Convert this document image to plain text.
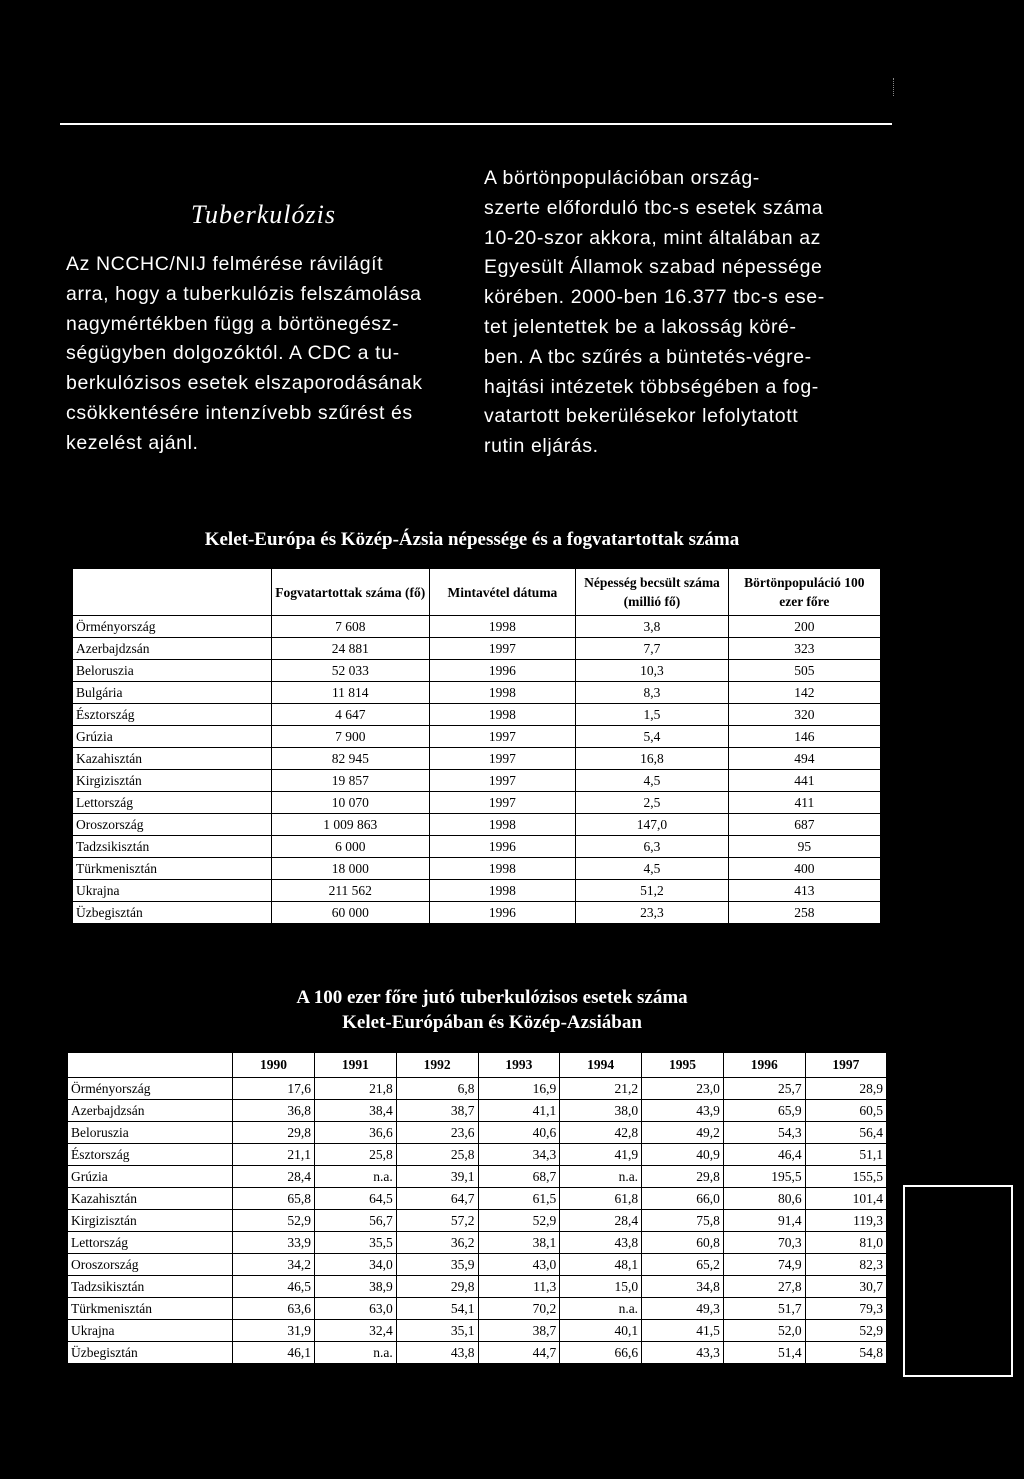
Tuberkulózis

Az NCCHC/NIJ felmérése rávilágít
arra, hogy a tuberkulózis felszámolása
nagymértékben függ a börtönegész-
ségügyben dolgozóktól. A CDC a tu-
berkulózisos esetek elszaporodásának
csökkentésére intenzívebb szűrést és
kezelést ajánl.

A börtönpopulációban ország-
szerte előforduló tbc-s esetek száma
10-20-szor akkora, mint általában az
Egyesült Államok szabad népessége
körében. 2000-ben 16.377 tbc-s ese-
tet jelentettek be a lakosság köré-
ben. A tbc szűrés a büntetés-végre-
hajtási intézetek többségében a fog-
vatartott bekerülésekor lefolytatott
rutin eljárás.

Kelet-Európa és Közép-Ázsia népessége és a fogvatartottak száma

	Fogvatartottak száma (fő)	Mintavétel dátuma	Népesség becsült száma (millió fő)	Börtönpopuláció 100 ezer főre
Örményország	7 608	1998	3,8	200
Azerbajdzsán	24 881	1997	7,7	323
Beloruszia	52 033	1996	10,3	505
Bulgária	11 814	1998	8,3	142
Észtország	4 647	1998	1,5	320
Grúzia	7 900	1997	5,4	146
Kazahisztán	82 945	1997	16,8	494
Kirgizisztán	19 857	1997	4,5	441
Lettország	10 070	1997	2,5	411
Oroszország	1 009 863	1998	147,0	687
Tadzsikisztán	6 000	1996	6,3	95
Türkmenisztán	18 000	1998	4,5	400
Ukrajna	211 562	1998	51,2	413
Üzbegisztán	60 000	1996	23,3	258

A 100 ezer főre jutó tuberkulózisos esetek száma
Kelet-Európában és Közép-Azsiában

	1990	1991	1992	1993	1994	1995	1996	1997
Örményország	17,6	21,8	6,8	16,9	21,2	23,0	25,7	28,9
Azerbajdzsán	36,8	38,4	38,7	41,1	38,0	43,9	65,9	60,5
Beloruszia	29,8	36,6	23,6	40,6	42,8	49,2	54,3	56,4
Észtország	21,1	25,8	25,8	34,3	41,9	40,9	46,4	51,1
Grúzia	28,4	n.a.	39,1	68,7	n.a.	29,8	195,5	155,5
Kazahisztán	65,8	64,5	64,7	61,5	61,8	66,0	80,6	101,4
Kirgizisztán	52,9	56,7	57,2	52,9	28,4	75,8	91,4	119,3
Lettország	33,9	35,5	36,2	38,1	43,8	60,8	70,3	81,0
Oroszország	34,2	34,0	35,9	43,0	48,1	65,2	74,9	82,3
Tadzsikisztán	46,5	38,9	29,8	11,3	15,0	34,8	27,8	30,7
Türkmenisztán	63,6	63,0	54,1	70,2	n.a.	49,3	51,7	79,3
Ukrajna	31,9	32,4	35,1	38,7	40,1	41,5	52,0	52,9
Üzbegisztán	46,1	n.a.	43,8	44,7	66,6	43,3	51,4	54,8
